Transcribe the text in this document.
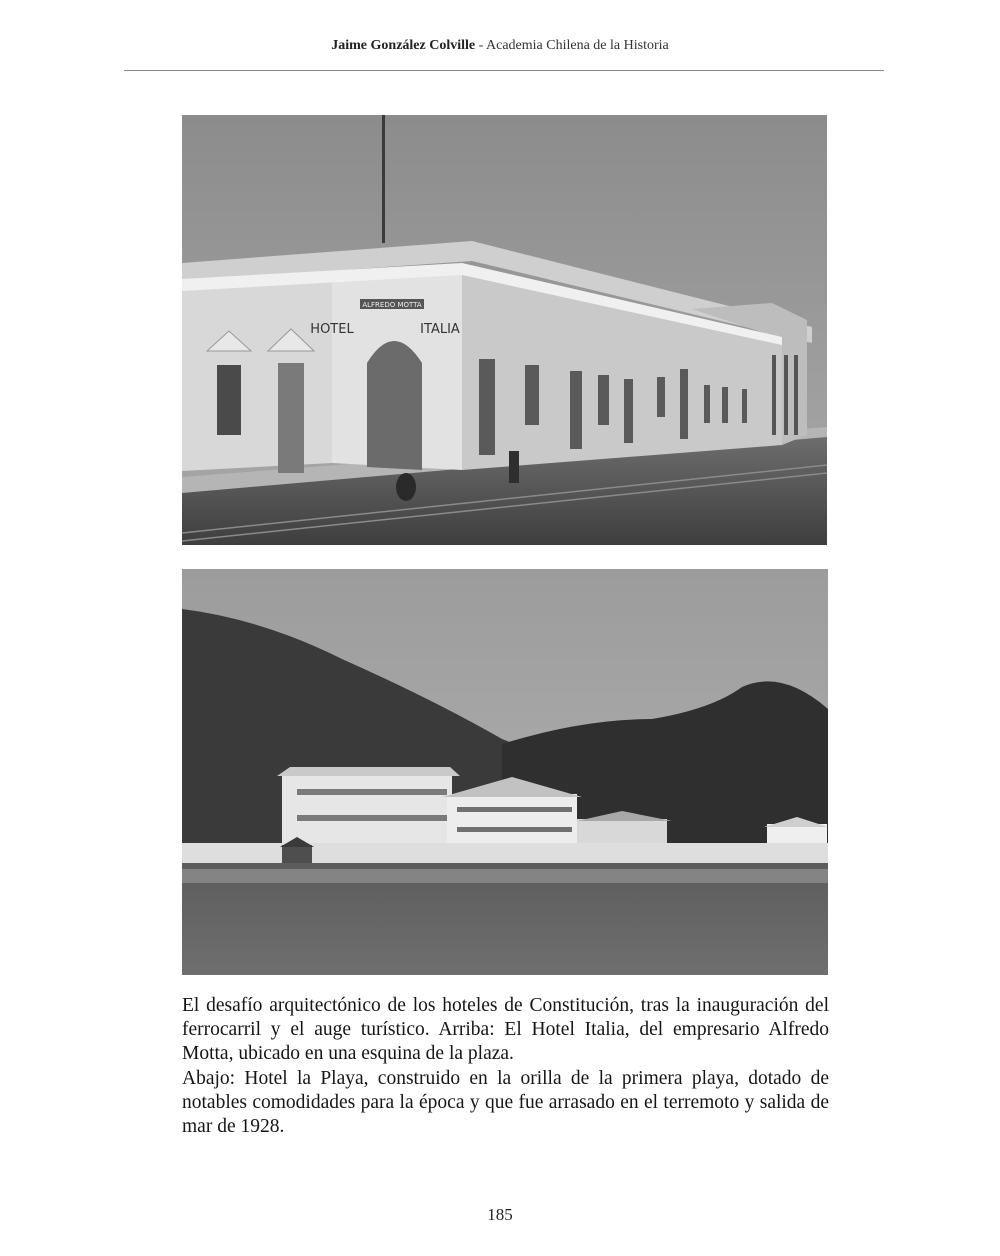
Jaime González Colville - Academia Chilena de la Historia
ALFREDO MOTTA
HOTEL	ITALIA

El desafío arquitectónico de los hoteles de Constitución, tras la inauguración del ferrocarril y el auge turístico. Arriba: El Hotel Italia, del empresario Alfredo Motta, ubicado en una esquina de la plaza.

Abajo: Hotel la Playa, construido en la orilla de la primera playa, dotado de notables comodidades para la época y que fue arrasado en el terremoto y salida de mar de 1928.

185
